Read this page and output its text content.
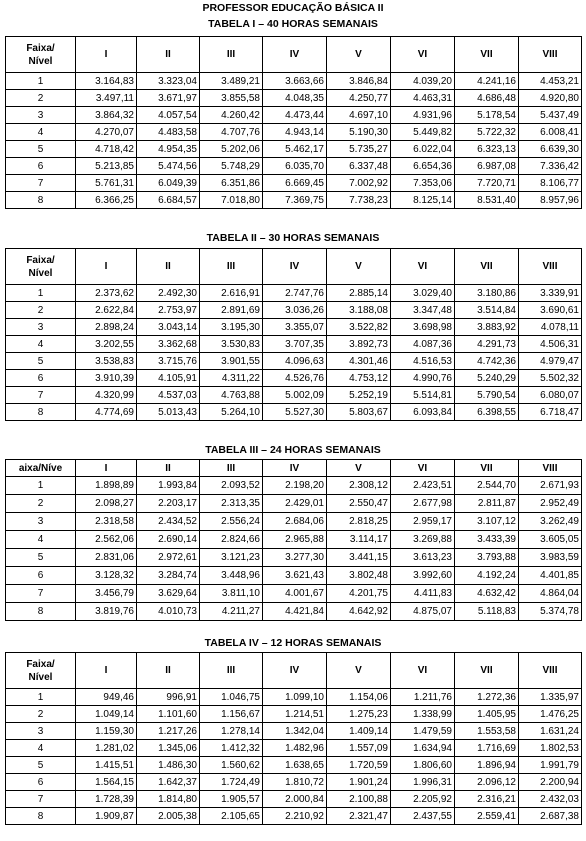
PROFESSOR EDUCAÇÃO BÁSICA II
TABELA I – 40 HORAS SEMANAIS
Faixa/
Nível	I	II	III	IV	V	VI	VII	VIII
1	3.164,83	3.323,04	3.489,21	3.663,66	3.846,84	4.039,20	4.241,16	4.453,21
2	3.497,11	3.671,97	3.855,58	4.048,35	4.250,77	4.463,31	4.686,48	4.920,80
3	3.864,32	4.057,54	4.260,42	4.473,44	4.697,10	4.931,96	5.178,54	5.437,49
4	4.270,07	4.483,58	4.707,76	4.943,14	5.190,30	5.449,82	5.722,32	6.008,41
5	4.718,42	4.954,35	5.202,06	5.462,17	5.735,27	6.022,04	6.323,13	6.639,30
6	5.213,85	5.474,56	5.748,29	6.035,70	6.337,48	6.654,36	6.987,08	7.336,42
7	5.761,31	6.049,39	6.351,86	6.669,45	7.002,92	7.353,06	7.720,71	8.106,77
8	6.366,25	6.684,57	7.018,80	7.369,75	7.738,23	8.125,14	8.531,40	8.957,96
TABELA II – 30 HORAS SEMANAIS
Faixa/
Nível	I	II	III	IV	V	VI	VII	VIII
1	2.373,62	2.492,30	2.616,91	2.747,76	2.885,14	3.029,40	3.180,86	3.339,91
2	2.622,84	2.753,97	2.891,69	3.036,26	3.188,08	3.347,48	3.514,84	3.690,61
3	2.898,24	3.043,14	3.195,30	3.355,07	3.522,82	3.698,98	3.883,92	4.078,11
4	3.202,55	3.362,68	3.530,83	3.707,35	3.892,73	4.087,36	4.291,73	4.506,31
5	3.538,83	3.715,76	3.901,55	4.096,63	4.301,46	4.516,53	4.742,36	4.979,47
6	3.910,39	4.105,91	4.311,22	4.526,76	4.753,12	4.990,76	5.240,29	5.502,32
7	4.320,99	4.537,03	4.763,88	5.002,09	5.252,19	5.514,81	5.790,54	6.080,07
8	4.774,69	5.013,43	5.264,10	5.527,30	5.803,67	6.093,84	6.398,55	6.718,47
TABELA III – 24 HORAS SEMANAIS
aixa/Níve	I	II	III	IV	V	VI	VII	VIII
1	1.898,89	1.993,84	2.093,52	2.198,20	2.308,12	2.423,51	2.544,70	2.671,93
2	2.098,27	2.203,17	2.313,35	2.429,01	2.550,47	2.677,98	2.811,87	2.952,49
3	2.318,58	2.434,52	2.556,24	2.684,06	2.818,25	2.959,17	3.107,12	3.262,49
4	2.562,06	2.690,14	2.824,66	2.965,88	3.114,17	3.269,88	3.433,39	3.605,05
5	2.831,06	2.972,61	3.121,23	3.277,30	3.441,15	3.613,23	3.793,88	3.983,59
6	3.128,32	3.284,74	3.448,96	3.621,43	3.802,48	3.992,60	4.192,24	4.401,85
7	3.456,79	3.629,64	3.811,10	4.001,67	4.201,75	4.411,83	4.632,42	4.864,04
8	3.819,76	4.010,73	4.211,27	4.421,84	4.642,92	4.875,07	5.118,83	5.374,78
TABELA IV – 12 HORAS SEMANAIS
Faixa/
Nível	I	II	III	IV	V	VI	VII	VIII
1	949,46	996,91	1.046,75	1.099,10	1.154,06	1.211,76	1.272,36	1.335,97
2	1.049,14	1.101,60	1.156,67	1.214,51	1.275,23	1.338,99	1.405,95	1.476,25
3	1.159,30	1.217,26	1.278,14	1.342,04	1.409,14	1.479,59	1.553,58	1.631,24
4	1.281,02	1.345,06	1.412,32	1.482,96	1.557,09	1.634,94	1.716,69	1.802,53
5	1.415,51	1.486,30	1.560,62	1.638,65	1.720,59	1.806,60	1.896,94	1.991,79
6	1.564,15	1.642,37	1.724,49	1.810,72	1.901,24	1.996,31	2.096,12	2.200,94
7	1.728,39	1.814,80	1.905,57	2.000,84	2.100,88	2.205,92	2.316,21	2.432,03
8	1.909,87	2.005,38	2.105,65	2.210,92	2.321,47	2.437,55	2.559,41	2.687,38
